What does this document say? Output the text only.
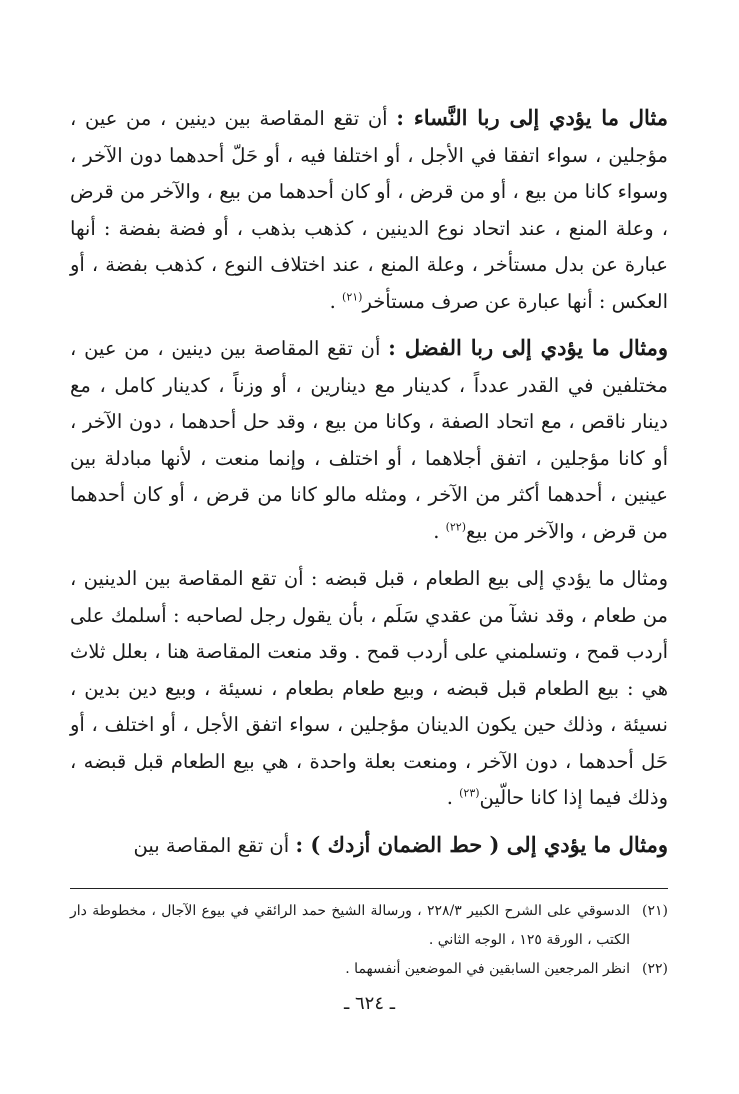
مثال ما يؤدي إلى ربا النَّساء : أن تقع المقاصة بين دينين ، من عين ، مؤجلين ، سواء اتفقا في الأجل ، أو اختلفا فيه ، أو حَلّ أحدهما دون الآخر ، وسواء كانا من بيع ، أو من قرض ، أو كان أحدهما من بيع ، والآخر من قرض ، وعلة المنع ، عند اتحاد نوع الدينين ، كذهب بذهب ، أو فضة بفضة : أنها عبارة عن بدل مستأخر ، وعلة المنع ، عند اختلاف النوع ، كذهب بفضة ، أو العكس : أنها عبارة عن صرف مستأخر$^{(٢١)}$ .

ومثال ما يؤدي إلى ربا الفضل : أن تقع المقاصة بين دينين ، من عين ، مختلفين في القدر عدداً ، كدينار مع دينارين ، أو وزناً ، كدينار كامل ، مع دينار ناقص ، مع اتحاد الصفة ، وكانا من بيع ، وقد حل أحدهما ، دون الآخر ، أو كانا مؤجلين ، اتفق أجلاهما ، أو اختلف ، وإنما منعت ، لأنها مبادلة بين عينين ، أحدهما أكثر من الآخر ، ومثله مالو كانا من قرض ، أو كان أحدهما من قرض ، والآخر من بيع$^{(٢٢)}$ .

ومثال ما يؤدي إلى بيع الطعام ، قبل قبضه : أن تقع المقاصة بين الدينين ، من طعام ، وقد نشآ من عقدي سَلَم ، بأن يقول رجل لصاحبه : أسلمك على أردب قمح ، وتسلمني على أردب قمح . وقد منعت المقاصة هنا ، بعلل ثلاث هي : بيع الطعام قبل قبضه ، وبيع طعام بطعام ، نسيئة ، وبيع دين بدين ، نسيئة ، وذلك حين يكون الدينان مؤجلين ، سواء اتفق الأجل ، أو اختلف ، أو حَل أحدهما ، دون الآخر ، ومنعت بعلة واحدة ، هي بيع الطعام قبل قبضه ، وذلك فيما إذا كانا حالّين$^{(٢٣)}$ .

ومثال ما يؤدي إلى ( حط الضمان أزدك ) : أن تقع المقاصة بين

(٢١)
الدسوقي على الشرح الكبير ٢٢٨/٣ ، ورسالة الشيخ حمد الرائقي في بيوع الآجال ، مخطوطة دار الكتب ، الورقة ١٢٥ ، الوجه الثاني .
(٢٢)
انظر المرجعين السابقين في الموضعين أنفسهما .
ـ ٦٢٤ ـ
